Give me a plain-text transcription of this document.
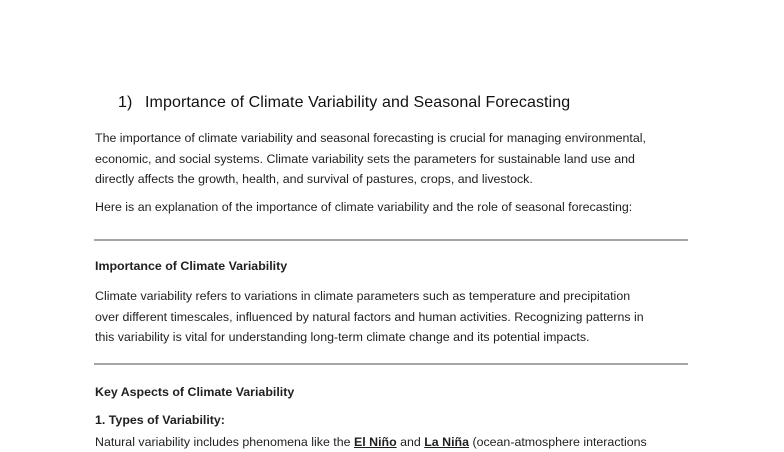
1) Importance of Climate Variability and Seasonal Forecasting

The importance of climate variability and seasonal forecasting is crucial for managing environmental,
economic, and social systems. Climate variability sets the parameters for sustainable land use and
directly affects the growth, health, and survival of pastures, crops, and livestock.

Here is an explanation of the importance of climate variability and the role of seasonal forecasting:

Importance of Climate Variability

Climate variability refers to variations in climate parameters such as temperature and precipitation
over different timescales, influenced by natural factors and human activities. Recognizing patterns in
this variability is vital for understanding long-term climate change and its potential impacts.

Key Aspects of Climate Variability
1. Types of Variability:
Natural variability includes phenomena like the El Niño and La Niña (ocean-atmosphere interactions
